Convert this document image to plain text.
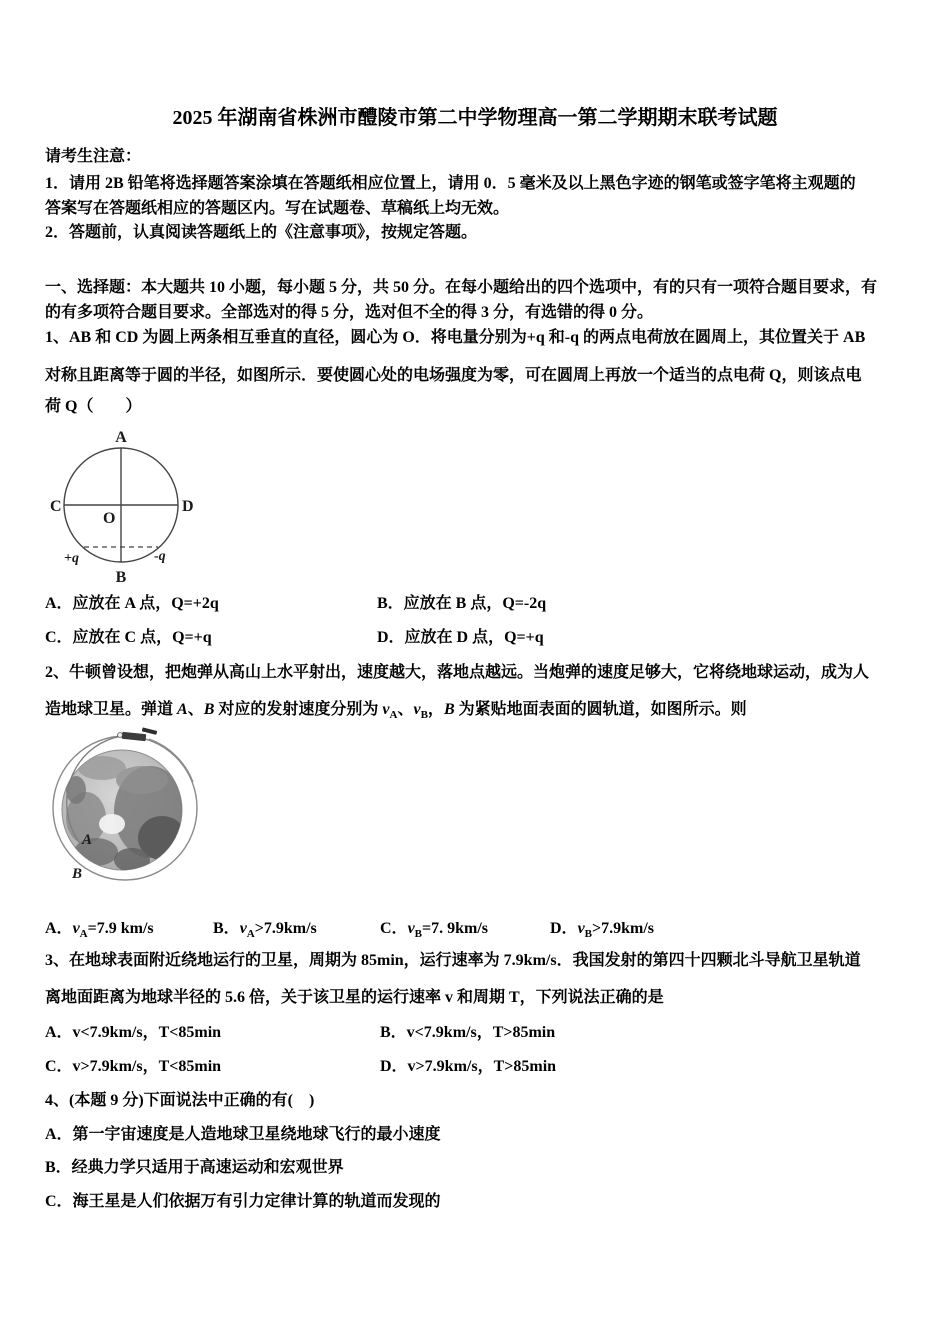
2025 年湖南省株洲市醴陵市第二中学物理高一第二学期期末联考试题
请考生注意：
1．请用 2B 铅笔将选择题答案涂填在答题纸相应位置上，请用 0．5 毫米及以上黑色字迹的钢笔或签字笔将主观题的
答案写在答题纸相应的答题区内。写在试题卷、草稿纸上均无效。
2．答题前，认真阅读答题纸上的《注意事项》，按规定答题。
一、选择题：本大题共 10 小题，每小题 5 分，共 50 分。在每小题给出的四个选项中，有的只有一项符合题目要求，有
的有多项符合题目要求。全部选对的得 5 分，选对但不全的得 3 分，有选错的得 0 分。
1、AB 和 CD 为圆上两条相互垂直的直径，圆心为 O．将电量分别为+q 和-q 的两点电荷放在圆周上，其位置关于 AB
对称且距离等于圆的半径，如图所示．要使圆心处的电场强度为零，可在圆周上再放一个适当的点电荷 Q，则该点电
荷 Q（　　）
A
B
C	D
O
+q	-q
A．应放在 A 点，Q=+2q	B．应放在 B 点，Q=-2q
C．应放在 C 点，Q=+q	D．应放在 D 点，Q=+q
2、牛顿曾设想，把炮弹从高山上水平射出，速度越大，落地点越远。当炮弹的速度足够大，它将绕地球运动，成为人
造地球卫星。弹道 A、B 对应的发射速度分别为 $v_A$、$v_B$，B 为紧贴地面表面的圆轨道，如图所示。则
A
B
A．$v_A=7.9$ km/s	B．$v_A>7.9km/s$	C．$v_B=7$. 9km/s	D．$v_B>7.9km/s$
3、在地球表面附近绕地运行的卫星，周期为 85min，运行速率为 7.9km/s．我国发射的第四十四颗北斗导航卫星轨道
离地面距离为地球半径的 5.6 倍，关于该卫星的运行速率 v 和周期 T，下列说法正确的是
A．v<7.9km/s，T<85min	B．v<7.9km/s，T>85min
C．v>7.9km/s，T<85min	D．v>7.9km/s，T>85min
4、(本题 9 分)下面说法中正确的有(　)
A．第一宇宙速度是人造地球卫星绕地球飞行的最小速度
B．经典力学只适用于高速运动和宏观世界
C．海王星是人们依据万有引力定律计算的轨道而发现的
